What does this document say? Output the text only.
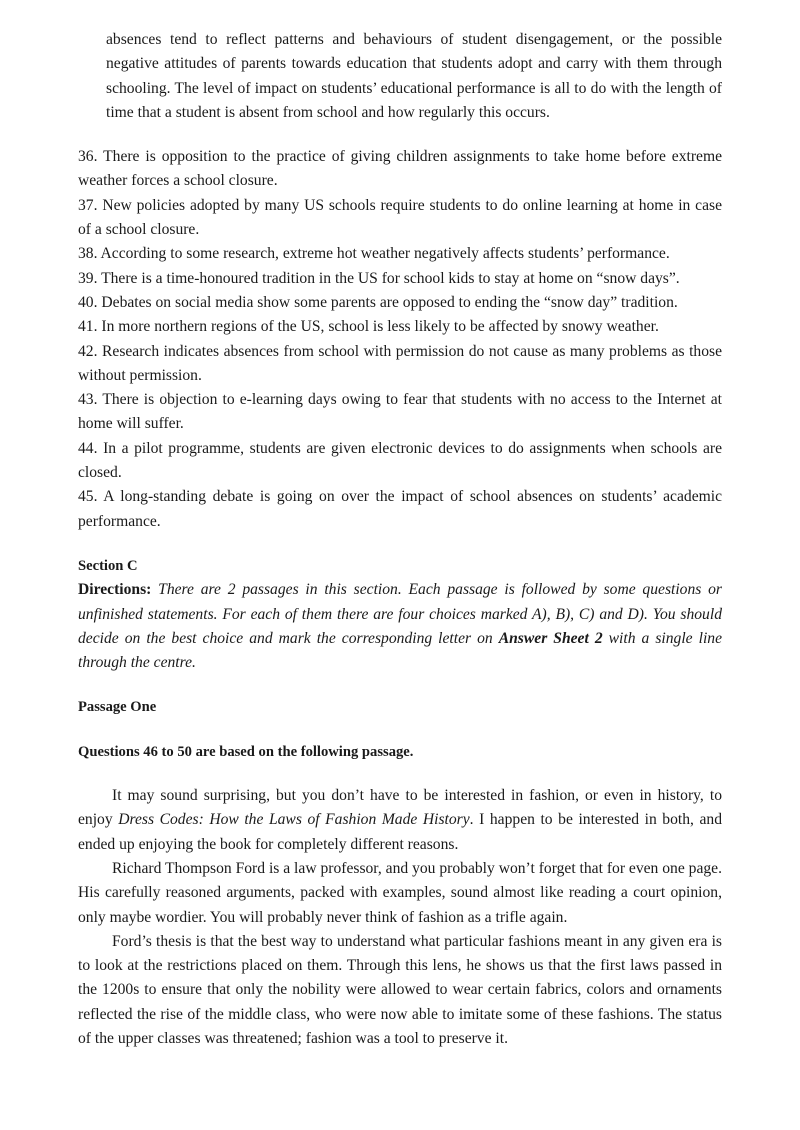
absences tend to reflect patterns and behaviours of student disengagement, or the possible negative attitudes of parents towards education that students adopt and carry with them through schooling. The level of impact on students’ educational performance is all to do with the length of time that a student is absent from school and how regularly this occurs.

36. There is opposition to the practice of giving children assignments to take home before extreme weather forces a school closure.

37. New policies adopted by many US schools require students to do online learning at home in case of a school closure.

38. According to some research, extreme hot weather negatively affects students’ performance.

39. There is a time-honoured tradition in the US for school kids to stay at home on “snow days”.

40. Debates on social media show some parents are opposed to ending the “snow day” tradition.

41. In more northern regions of the US, school is less likely to be affected by snowy weather.

42. Research indicates absences from school with permission do not cause as many problems as those without permission.

43. There is objection to e-learning days owing to fear that students with no access to the Internet at home will suffer.

44. In a pilot programme, students are given electronic devices to do assignments when schools are closed.

45. A long-standing debate is going on over the impact of school absences on students’ academic performance.

Section C

Directions: There are 2 passages in this section. Each passage is followed by some questions or unfinished statements. For each of them there are four choices marked A), B), C) and D). You should decide on the best choice and mark the corresponding letter on Answer Sheet 2 with a single line through the centre.

Passage One

Questions 46 to 50 are based on the following passage.

It may sound surprising, but you don’t have to be interested in fashion, or even in history, to enjoy Dress Codes: How the Laws of Fashion Made History. I happen to be interested in both, and ended up enjoying the book for completely different reasons.

Richard Thompson Ford is a law professor, and you probably won’t forget that for even one page. His carefully reasoned arguments, packed with examples, sound almost like reading a court opinion, only maybe wordier. You will probably never think of fashion as a trifle again.

Ford’s thesis is that the best way to understand what particular fashions meant in any given era is to look at the restrictions placed on them. Through this lens, he shows us that the first laws passed in the 1200s to ensure that only the nobility were allowed to wear certain fabrics, colors and ornaments reflected the rise of the middle class, who were now able to imitate some of these fashions. The status of the upper classes was threatened; fashion was a tool to preserve it.
